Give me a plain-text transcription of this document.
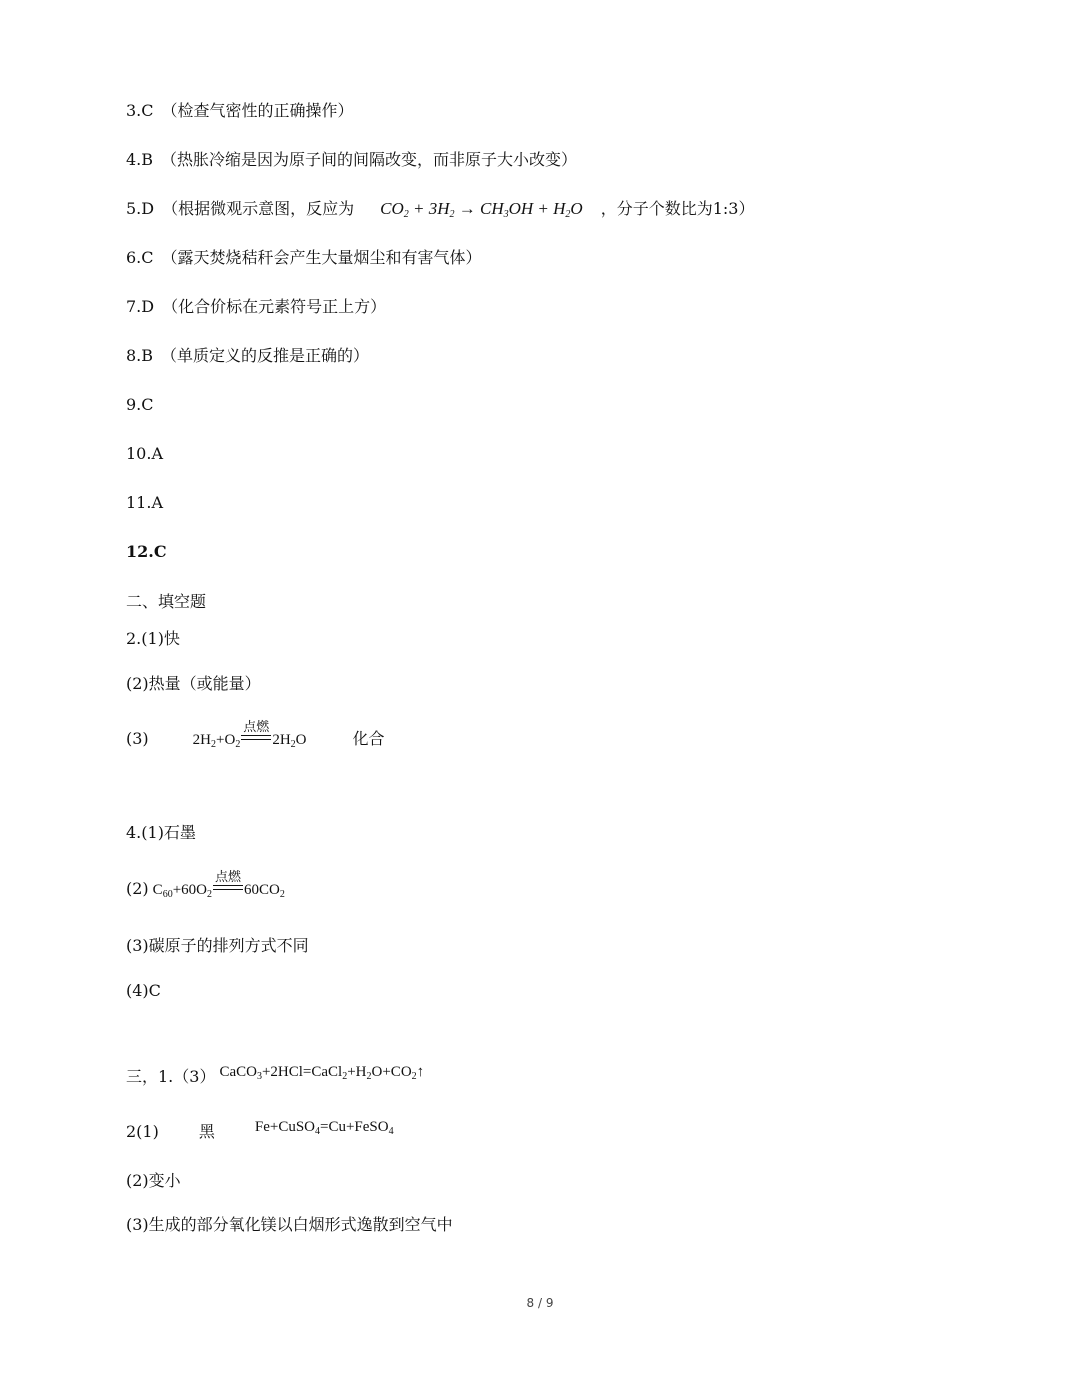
3.C （检查气密性的正确操作）
4.B （热胀冷缩是因为原子间的间隔改变，而非原子大小改变）
5.D （根据微观示意图，反应为 $CO_2 + 3H_2 \to CH_3OH + H_2O$ ，分子个数比为1:3）
6.C （露天焚烧秸秆会产生大量烟尘和有害气体）
7.D （化合价标在元素符号正上方）
8.B （单质定义的反推是正确的）
9.C
10.A
11.A
12.C
二、填空题
2.(1)快
(2)热量（或能量）
(3)	$2H_2+O_2$
点燃
$2H_2O$	化合
4.(1)石墨
(2) $C_{60}+60O_2$
点燃
$60CO_2$
(3)碳原子的排列方式不同
(4)C
三，1.（3） $CaCO_3+2HCl=CaCl_2+H_2O+CO_2↑$
2(1)	黑	Fe+CuSO$_4$=Cu+FeSO$_4$
(2)变小
(3)生成的部分氧化镁以白烟形式逸散到空气中
8 / 9
